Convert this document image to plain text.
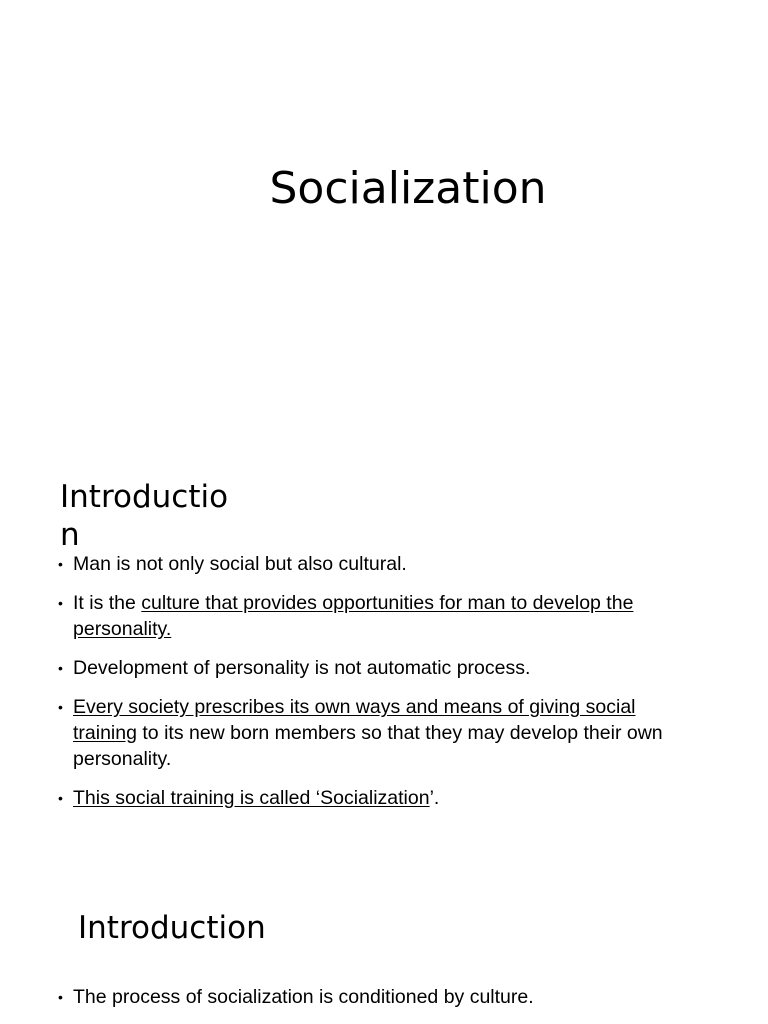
Socialization
Introduction
• Man is not only social but also cultural.
• It is the culture that provides opportunities for man to develop the personality.
• Development of personality is not automatic process.
• Every society prescribes its own ways and means of giving social training to its new born members so that they may develop their own personality.
• This social training is called ‘Socialization’.
Introduction
• The process of socialization is conditioned by culture.
